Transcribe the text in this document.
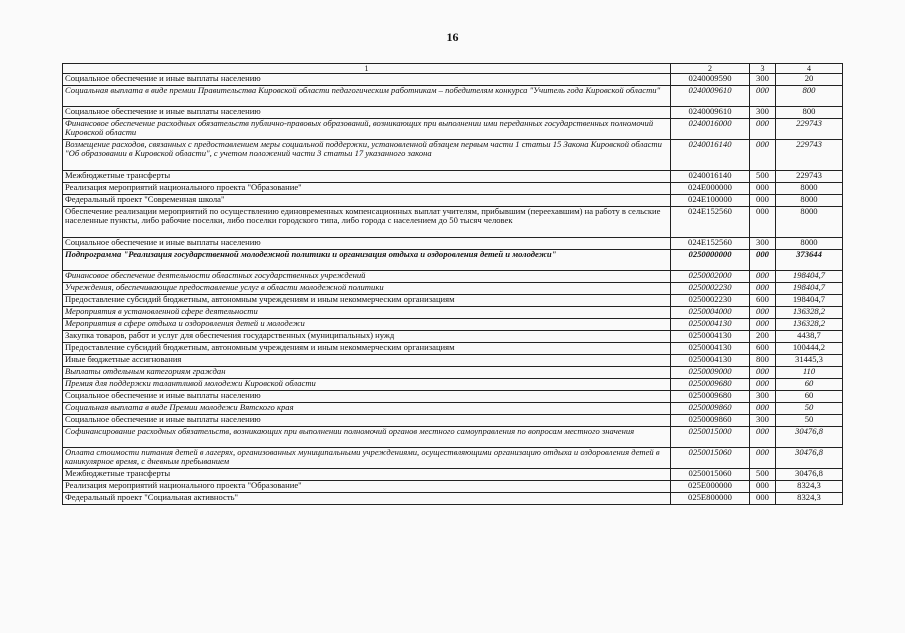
16
1	2	3	4
Социальное обеспечение и иные выплаты населению	0240009590	300	20
Социальная выплата в виде премии Правительства Кировской области педагогическим работникам – победителям конкурса "Учитель года Кировской области"	0240009610	000	800
Социальное обеспечение и иные выплаты населению	0240009610	300	800
Финансовое обеспечение расходных обязательств публично-правовых образований, возникающих при выполнении ими переданных государственных полномочий Кировской области	0240016000	000	229743
Возмещение расходов, связанных с предоставлением меры социальной поддержки, установленной абзацем первым части 1 статьи 15 Закона Кировской области "Об образовании в Кировской области", с учетом положений части 3 статьи 17 указанного закона	0240016140	000	229743
Межбюджетные трансферты	0240016140	500	229743
Реализация мероприятий национального проекта "Образование"	024E000000	000	8000
Федеральный проект "Современная школа"	024E100000	000	8000
Обеспечение реализации мероприятий по осуществлению единовременных компенсационных выплат учителям, прибывшим (переехавшим) на работу в сельские населенные пункты, либо рабочие поселки, либо поселки городского типа, либо города с населением до 50 тысяч человек	024E152560	000	8000
Социальное обеспечение и иные выплаты населению	024E152560	300	8000
Подпрограмма "Реализация государственной молодежной политики и организация отдыха и оздоровления детей и молодежи"	0250000000	000	373644
Финансовое обеспечение деятельности областных государственных учреждений	0250002000	000	198404,7
Учреждения, обеспечивающие предоставление услуг в области молодежной политики	0250002230	000	198404,7
Предоставление субсидий бюджетным, автономным учреждениям и иным некоммерческим организациям	0250002230	600	198404,7
Мероприятия в установленной сфере деятельности	0250004000	000	136328,2
Мероприятия в сфере отдыха и оздоровления детей и молодежи	0250004130	000	136328,2
Закупка товаров, работ и услуг для обеспечения государственных (муниципальных) нужд	0250004130	200	4438,7
Предоставление субсидий бюджетным, автономным учреждениям и иным некоммерческим организациям	0250004130	600	100444,2
Иные бюджетные ассигнования	0250004130	800	31445,3
Выплаты отдельным категориям граждан	0250009000	000	110
Премия для поддержки талантливой молодежи Кировской области	0250009680	000	60
Социальное обеспечение и иные выплаты населению	0250009680	300	60
Социальная выплата в виде Премии молодежи Вятского края	0250009860	000	50
Социальное обеспечение и иные выплаты населению	0250009860	300	50
Софинансирование расходных обязательств, возникающих при выполнении полномочий органов местного самоуправления по вопросам местного значения	0250015000	000	30476,8
Оплата стоимости питания детей в лагерях, организованных муниципальными учреждениями, осуществляющими организацию отдыха и оздоровления детей в каникулярное время, с дневным пребыванием	0250015060	000	30476,8
Межбюджетные трансферты	0250015060	500	30476,8
Реализация мероприятий национального проекта "Образование"	025E000000	000	8324,3
Федеральный проект "Социальная активность"	025E800000	000	8324,3
